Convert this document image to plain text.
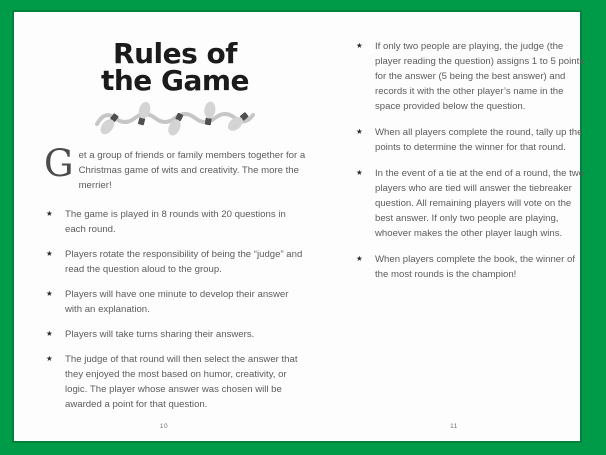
Rules of
the Game

Get a group of friends or family members together for a Christmas game of wits and creativity. The more the merrier!

★	The game is played in 8 rounds with 20 questions in each round.
★	Players rotate the responsibility of being the “judge” and read the question aloud to the group.
★	Players will have one minute to develop their answer with an explanation.
★	Players will take turns sharing their answers.
★	The judge of that round will then select the answer that they enjoyed the most based on humor, creativity, or logic. The player whose answer was chosen will be awarded a point for that question.
★	If only two people are playing, the judge (the player reading the question) assigns 1 to 5 points for the answer (5 being the best answer) and records it with the other player’s name in the space provided below the question.
★	When all players complete the round, tally up the points to determine the winner for that round.
★	In the event of a tie at the end of a round, the two players who are tied will answer the tiebreaker question. All remaining players will vote on the best answer. If only two people are playing, whoever makes the other player laugh wins.
★	When players complete the book, the winner of the most rounds is the champion!
10	11
